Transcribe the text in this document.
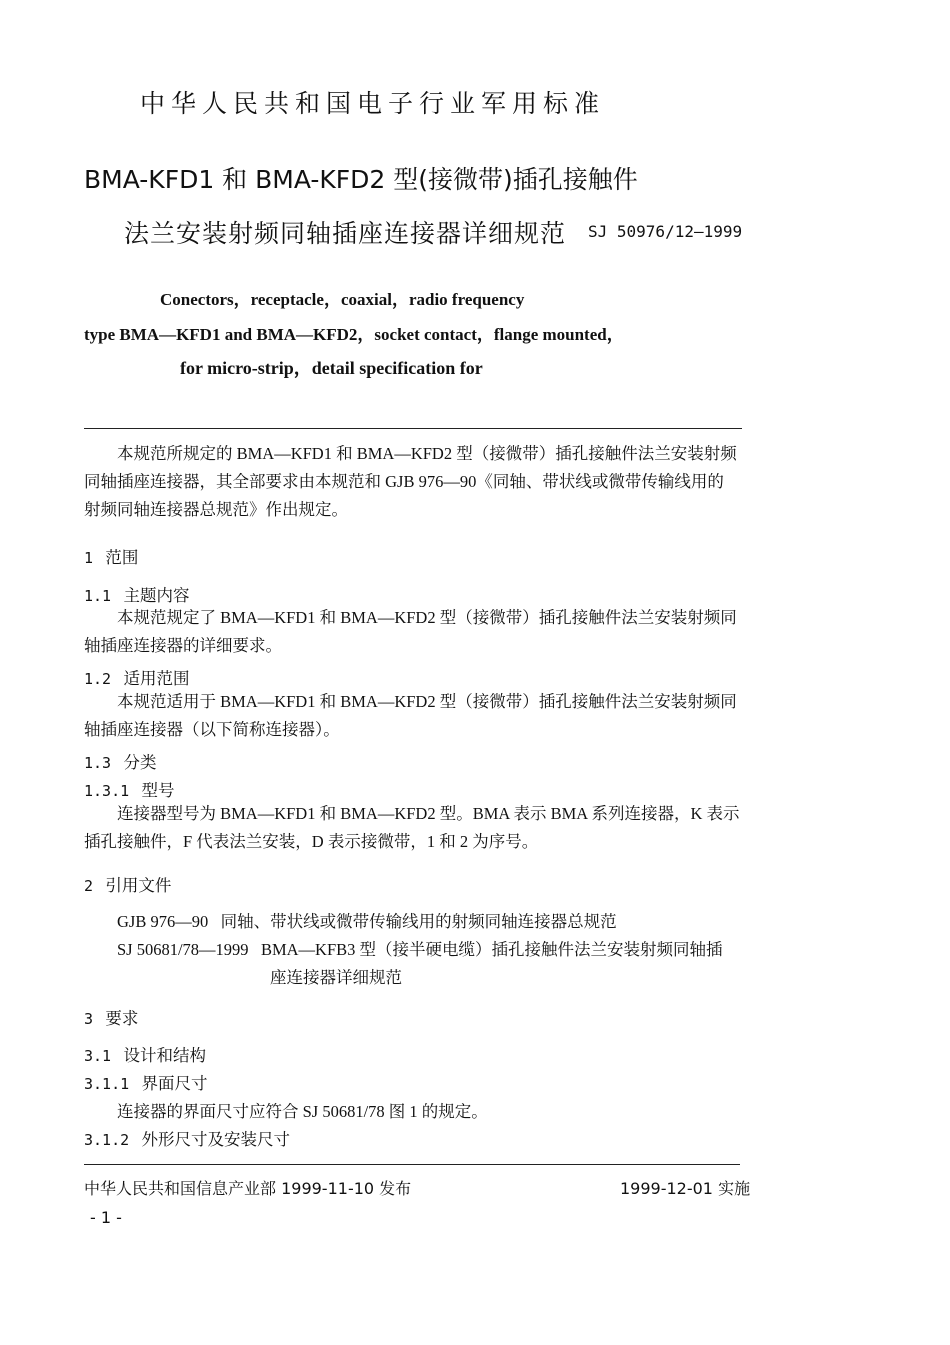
中华人民共和国电子行业军用标准
BMA-KFD1 和 BMA-KFD2 型(接微带)插孔接触件
法兰安装射频同轴插座连接器详细规范 SJ 50976/12—1999
Conectors，receptacle，coaxial，radio frequency
type BMA—KFD1 and BMA—KFD2，socket contact，flange mounted，
for micro-strip，detail specification for

本规范所规定的 BMA—KFD1 和 BMA—KFD2 型（接微带）插孔接触件法兰安装射频同轴插座连接器，其全部要求由本规范和 GJB 976—90《同轴、带状线或微带传输线用的射频同轴连接器总规范》作出规定。

1 范围
1.1 主题内容

本规范规定了 BMA—KFD1 和 BMA—KFD2 型（接微带）插孔接触件法兰安装射频同轴插座连接器的详细要求。

1.2 适用范围

本规范适用于 BMA—KFD1 和 BMA—KFD2 型（接微带）插孔接触件法兰安装射频同轴插座连接器（以下简称连接器）。

1.3 分类
1.3.1 型号

连接器型号为 BMA—KFD1 和 BMA—KFD2 型。BMA 表示 BMA 系列连接器，K 表示插孔接触件，F 代表法兰安装，D 表示接微带，1 和 2 为序号。

2 引用文件
GJB 976—90 同轴、带状线或微带传输线用的射频同轴连接器总规范
SJ 50681/78—1999 BMA—KFB3 型（接半硬电缆）插孔接触件法兰安装射频同轴插
座连接器详细规范
3 要求
3.1 设计和结构
3.1.1 界面尺寸
连接器的界面尺寸应符合 SJ 50681/78 图 1 的规定。
3.1.2 外形尺寸及安装尺寸
中华人民共和国信息产业部 1999-11-10 发布	1999-12-01 实施
- 1 -
